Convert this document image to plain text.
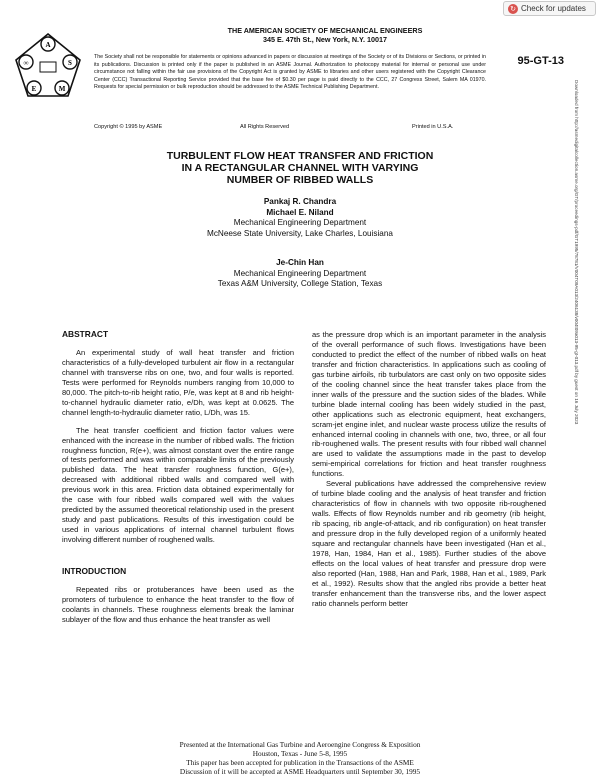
↻ Check for updates
A
S
M
E
∞
THE AMERICAN SOCIETY OF MECHANICAL ENGINEERS
345 E. 47th St., New York, N.Y. 10017
The Society shall not be responsible for statements or opinions advanced in papers or discussion at meetings of the Society or of its Divisions or Sections, or printed in its publications. Discussion is printed only if the paper is published in an ASME Journal. Authorization to photocopy material for internal or personal use under circumstance not falling within the fair use provisions of the Copyright Act is granted by ASME to libraries and other users registered with the Copyright Clearance Center (CCC) Transactional Reporting Service provided that the base fee of $0.30 per page is paid directly to the CCC, 27 Congress Street, Salem MA 01970. Requests for special permission or bulk reproduction should be addressed to the ASME Technical Publishing Department.
95-GT-13
Copyright © 1995 by ASME	All Rights Reserved	Printed in U.S.A.
TURBULENT FLOW HEAT TRANSFER AND FRICTION
IN A RECTANGULAR CHANNEL WITH VARYING
NUMBER OF RIBBED WALLS
Pankaj R. Chandra
Michael E. Niland
Mechanical Engineering Department
McNeese State University, Lake Charles, Louisiana
Je-Chin Han
Mechanical Engineering Department
Texas A&M University, College Station, Texas	Downloaded from http://asmedigitalcollection.asme.org/GT/proceedings-pdf/GT1995/78781/V004T09A013/2406138/v004t09a013-95-gt-013.pdf by guest on 16 July 2023
ABSTRACT

An experimental study of wall heat transfer and friction characteristics of a fully-developed turbulent air flow in a rectangular channel with transverse ribs on one, two, and four walls is reported. Tests were performed for Reynolds numbers ranging from 10,000 to 80,000. The pitch-to-rib height ratio, P/e, was kept at 8 and rib height-to-channel hydraulic diameter ratio, e/Dh, was kept at 0.0625. The channel length-to-hydraulic diameter ratio, L/Dh, was 15.

The heat transfer coefficient and friction factor values were enhanced with the increase in the number of ribbed walls. The friction roughness function, R(e+), was almost constant over the entire range of tests performed and was within comparable limits of the previously published data. The heat transfer roughness function, G(e+), decreased with additional ribbed walls and compared well with previous work in this area. Friction data obtained experimentally for the case with four ribbed walls compared well with the values predicted by the assumed theoretical relationship used in the present study and past publications. Results of this investigation could be used in various applications of internal channel turbulent flows involving different number of roughened walls.

INTRODUCTION

Repeated ribs or protuberances have been used as the promoters of turbulence to enhance the heat transfer to the flow of coolants in channels. These roughness elements break the laminar sublayer of the flow and thus enhance the heat transfer as well

as the pressure drop which is an important parameter in the analysis of the overall performance of such flows. Investigations have been conducted to predict the effect of the number of ribbed walls on heat transfer and friction characteristics. In applications such as cooling of gas turbine airfoils, rib turbulators are cast only on two opposite sides of the cooling channel since the heat transfer takes place from the inner walls of the pressure and the suction sides of the blades. While turbine blade internal cooling has been widely studied in the past, other applications such as electronic equipment, heat exchangers, scram-jet engine inlet, and nuclear waste process utilize the results of enhanced internal cooling in channels with one, two, three, or all four rib-roughened walls. The present results with four ribbed wall channel are used to validate the assumptions made in the past to develop semi-empirical correlations for friction and heat transfer roughness functions.

Several publications have addressed the comprehensive review of turbine blade cooling and the analysis of heat transfer and friction characteristics of flow in channels with two opposite rib-roughened walls. Effects of flow Reynolds number and rib geometry (rib height, rib spacing, rib angle-of-attack, and rib configuration) on heat transfer and pressure drop in the fully developed region of a uniformly heated square and rectangular channels have been investigated (Han et al., 1978, Han, 1984, Han et al., 1985). Further studies of the above effects on the local values of heat transfer and pressure drop were also reported (Han, 1988, Han and Park, 1988, Han et al., 1989, Park et al., 1992). Results show that the angled ribs provide a better heat transfer enhancement than the transverse ribs, and the lower aspect ratio channels perform better

Presented at the International Gas Turbine and Aeroengine Congress & Exposition
Houston, Texas - June 5-8, 1995
This paper has been accepted for publication in the Transactions of the ASME
Discussion of it will be accepted at ASME Headquarters until September 30, 1995
